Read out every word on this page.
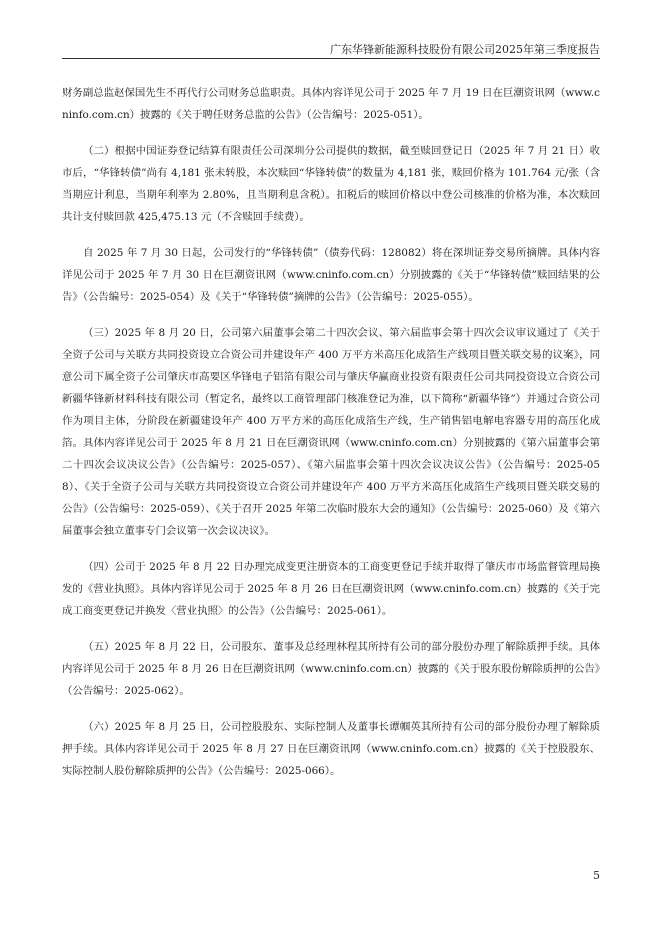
广东华锋新能源科技股份有限公司2025年第三季度报告

财务副总监赵保国先生不再代行公司财务总监职责。具体内容详见公司于 2025 年 7 月 19 日在巨潮资讯网（www.cninfo.com.cn）披露的《关于聘任财务总监的公告》（公告编号：2025-051）。

（二）根据中国证券登记结算有限责任公司深圳分公司提供的数据，截至赎回登记日（2025 年 7 月 21 日）收市后，“华锋转债”尚有 4,181 张未转股，本次赎回“华锋转债”的数量为 4,181 张，赎回价格为 101.764 元/张（含当期应计利息，当期年利率为 2.80%，且当期利息含税）。扣税后的赎回价格以中登公司核准的价格为准，本次赎回共计支付赎回款 425,475.13 元（不含赎回手续费）。

自 2025 年 7 月 30 日起，公司发行的“华锋转债”（债券代码：128082）将在深圳证券交易所摘牌。具体内容详见公司于 2025 年 7 月 30 日在巨潮资讯网（www.cninfo.com.cn）分别披露的《关于“华锋转债”赎回结果的公告》（公告编号：2025-054）及《关于“华锋转债”摘牌的公告》（公告编号：2025-055）。

（三）2025 年 8 月 20 日，公司第六届董事会第二十四次会议、第六届监事会第十四次会议审议通过了《关于全资子公司与关联方共同投资设立合资公司并建设年产 400 万平方米高压化成箔生产线项目暨关联交易的议案》，同意公司下属全资子公司肇庆市高要区华锋电子铝箔有限公司与肇庆华赢商业投资有限责任公司共同投资设立合资公司新疆华锋新材料科技有限公司（暂定名，最终以工商管理部门核准登记为准，以下简称“新疆华锋”）并通过合资公司作为项目主体，分阶段在新疆建设年产 400 万平方米的高压化成箔生产线，生产销售铝电解电容器专用的高压化成箔。具体内容详见公司于 2025 年 8 月 21 日在巨潮资讯网（www.cninfo.com.cn）分别披露的《第六届董事会第二十四次会议决议公告》（公告编号：2025-057）、《第六届监事会第十四次会议决议公告》（公告编号：2025-058）、《关于全资子公司与关联方共同投资设立合资公司并建设年产 400 万平方米高压化成箔生产线项目暨关联交易的公告》（公告编号：2025-059）、《关于召开 2025 年第二次临时股东大会的通知》（公告编号：2025-060）及《第六届董事会独立董事专门会议第一次会议决议》。

（四）公司于 2025 年 8 月 22 日办理完成变更注册资本的工商变更登记手续并取得了肇庆市市场监督管理局换发的《营业执照》。具体内容详见公司于 2025 年 8 月 26 日在巨潮资讯网（www.cninfo.com.cn）披露的《关于完成工商变更登记并换发〈营业执照〉的公告》（公告编号：2025-061）。

（五）2025 年 8 月 22 日，公司股东、董事及总经理林程其所持有公司的部分股份办理了解除质押手续。具体内容详见公司于 2025 年 8 月 26 日在巨潮资讯网（www.cninfo.com.cn）披露的《关于股东股份解除质押的公告》（公告编号：2025-062）。

（六）2025 年 8 月 25 日，公司控股股东、实际控制人及董事长谭帼英其所持有公司的部分股份办理了解除质押手续。具体内容详见公司于 2025 年 8 月 27 日在巨潮资讯网（www.cninfo.com.cn）披露的《关于控股股东、实际控制人股份解除质押的公告》（公告编号：2025-066）。

5
